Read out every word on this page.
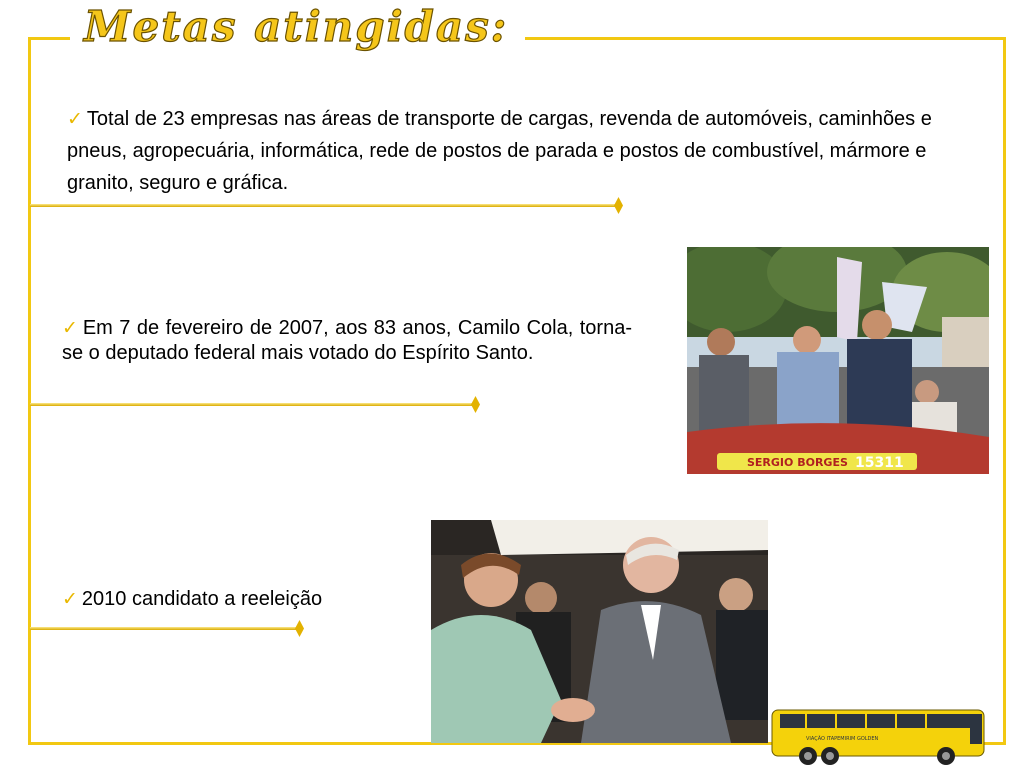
Metas atingidas:
✓ Total de 23 empresas nas áreas de transporte de cargas, revenda de automóveis, caminhões e pneus, agropecuária, informática, rede de postos de parada e postos de combustível, mármore e granito, seguro e gráfica.
✓ Em 7 de fevereiro de 2007, aos 83 anos, Camilo Cola, torna-se o deputado federal mais votado do Espírito Santo.
✓ 2010 candidato a reeleição
SERGIO BORGES 15311
VIAÇÃO ITAPEMIRIM GOLDEN
